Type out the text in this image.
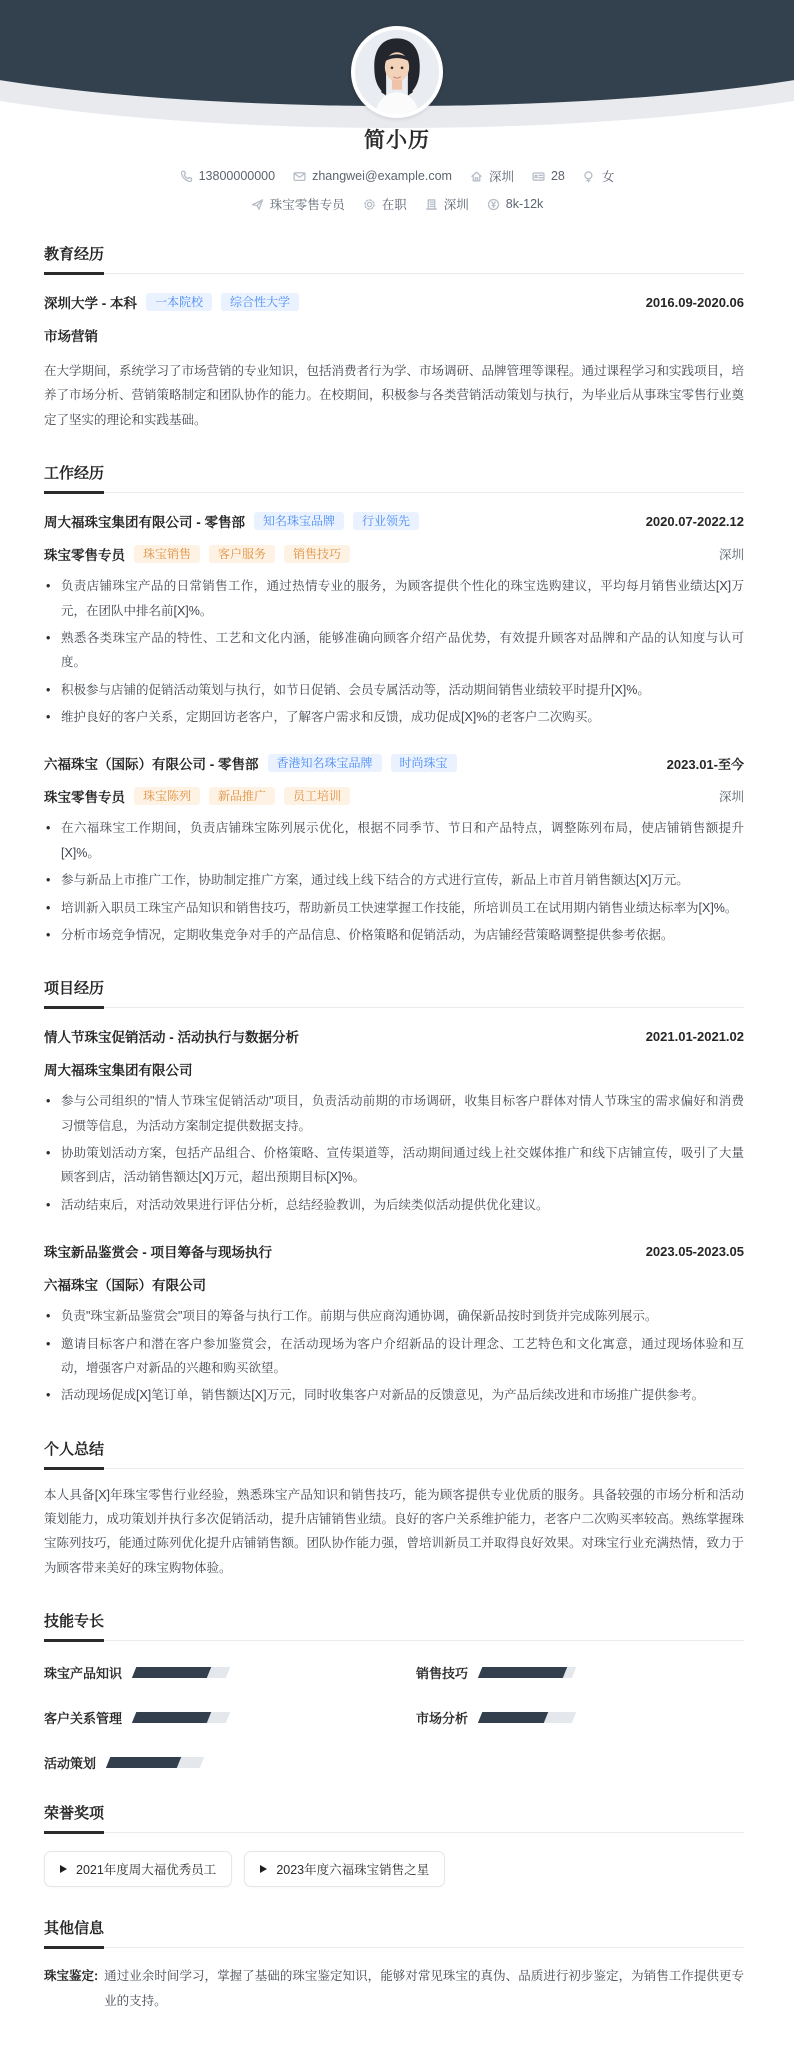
简小历
13800000000	zhangwei@example.com	深圳	28	女
珠宝零售专员	在职	深圳	8k-12k
教育经历
深圳大学 - 本科	一本院校	综合性大学	2016.09-2020.06
市场营销

在大学期间，系统学习了市场营销的专业知识，包括消费者行为学、市场调研、品牌管理等课程。通过课程学习和实践项目，培养了市场分析、营销策略制定和团队协作的能力。在校期间，积极参与各类营销活动策划与执行，为毕业后从事珠宝零售行业奠定了坚实的理论和实践基础。

工作经历
周大福珠宝集团有限公司 - 零售部	知名珠宝品牌	行业领先	2020.07-2022.12
珠宝零售专员	珠宝销售	客户服务	销售技巧	深圳
• 负责店铺珠宝产品的日常销售工作，通过热情专业的服务，为顾客提供个性化的珠宝选购建议，平均每月销售业绩达[X]万元，在团队中排名前[X]%。
• 熟悉各类珠宝产品的特性、工艺和文化内涵，能够准确向顾客介绍产品优势，有效提升顾客对品牌和产品的认知度与认可度。
• 积极参与店铺的促销活动策划与执行，如节日促销、会员专属活动等，活动期间销售业绩较平时提升[X]%。
• 维护良好的客户关系，定期回访老客户，了解客户需求和反馈，成功促成[X]%的老客户二次购买。
六福珠宝（国际）有限公司 - 零售部	香港知名珠宝品牌	时尚珠宝	2023.01-至今
珠宝零售专员	珠宝陈列	新品推广	员工培训	深圳
• 在六福珠宝工作期间，负责店铺珠宝陈列展示优化，根据不同季节、节日和产品特点，调整陈列布局，使店铺销售额提升[X]%。
• 参与新品上市推广工作，协助制定推广方案，通过线上线下结合的方式进行宣传，新品上市首月销售额达[X]万元。
• 培训新入职员工珠宝产品知识和销售技巧，帮助新员工快速掌握工作技能，所培训员工在试用期内销售业绩达标率为[X]%。
• 分析市场竞争情况，定期收集竞争对手的产品信息、价格策略和促销活动，为店铺经营策略调整提供参考依据。
项目经历
情人节珠宝促销活动 - 活动执行与数据分析	2021.01-2021.02
周大福珠宝集团有限公司
• 参与公司组织的"情人节珠宝促销活动"项目，负责活动前期的市场调研，收集目标客户群体对情人节珠宝的需求偏好和消费习惯等信息，为活动方案制定提供数据支持。
• 协助策划活动方案，包括产品组合、价格策略、宣传渠道等，活动期间通过线上社交媒体推广和线下店铺宣传，吸引了大量顾客到店，活动销售额达[X]万元，超出预期目标[X]%。
• 活动结束后，对活动效果进行评估分析，总结经验教训，为后续类似活动提供优化建议。
珠宝新品鉴赏会 - 项目筹备与现场执行	2023.05-2023.05
六福珠宝（国际）有限公司
• 负责"珠宝新品鉴赏会"项目的筹备与执行工作。前期与供应商沟通协调，确保新品按时到货并完成陈列展示。
• 邀请目标客户和潜在客户参加鉴赏会，在活动现场为客户介绍新品的设计理念、工艺特色和文化寓意，通过现场体验和互动，增强客户对新品的兴趣和购买欲望。
• 活动现场促成[X]笔订单，销售额达[X]万元，同时收集客户对新品的反馈意见，为产品后续改进和市场推广提供参考。
个人总结

本人具备[X]年珠宝零售行业经验，熟悉珠宝产品知识和销售技巧，能为顾客提供专业优质的服务。具备较强的市场分析和活动策划能力，成功策划并执行多次促销活动，提升店铺销售业绩。良好的客户关系维护能力，老客户二次购买率较高。熟练掌握珠宝陈列技巧，能通过陈列优化提升店铺销售额。团队协作能力强，曾培训新员工并取得良好效果。对珠宝行业充满热情，致力于为顾客带来美好的珠宝购物体验。

技能专长
珠宝产品知识	销售技巧
客户关系管理	市场分析
活动策划
荣誉奖项
2021年度周大福优秀员工	2023年度六福珠宝销售之星
其他信息
珠宝鉴定: 通过业余时间学习，掌握了基础的珠宝鉴定知识，能够对常见珠宝的真伪、品质进行初步鉴定，为销售工作提供更专业的支持。
